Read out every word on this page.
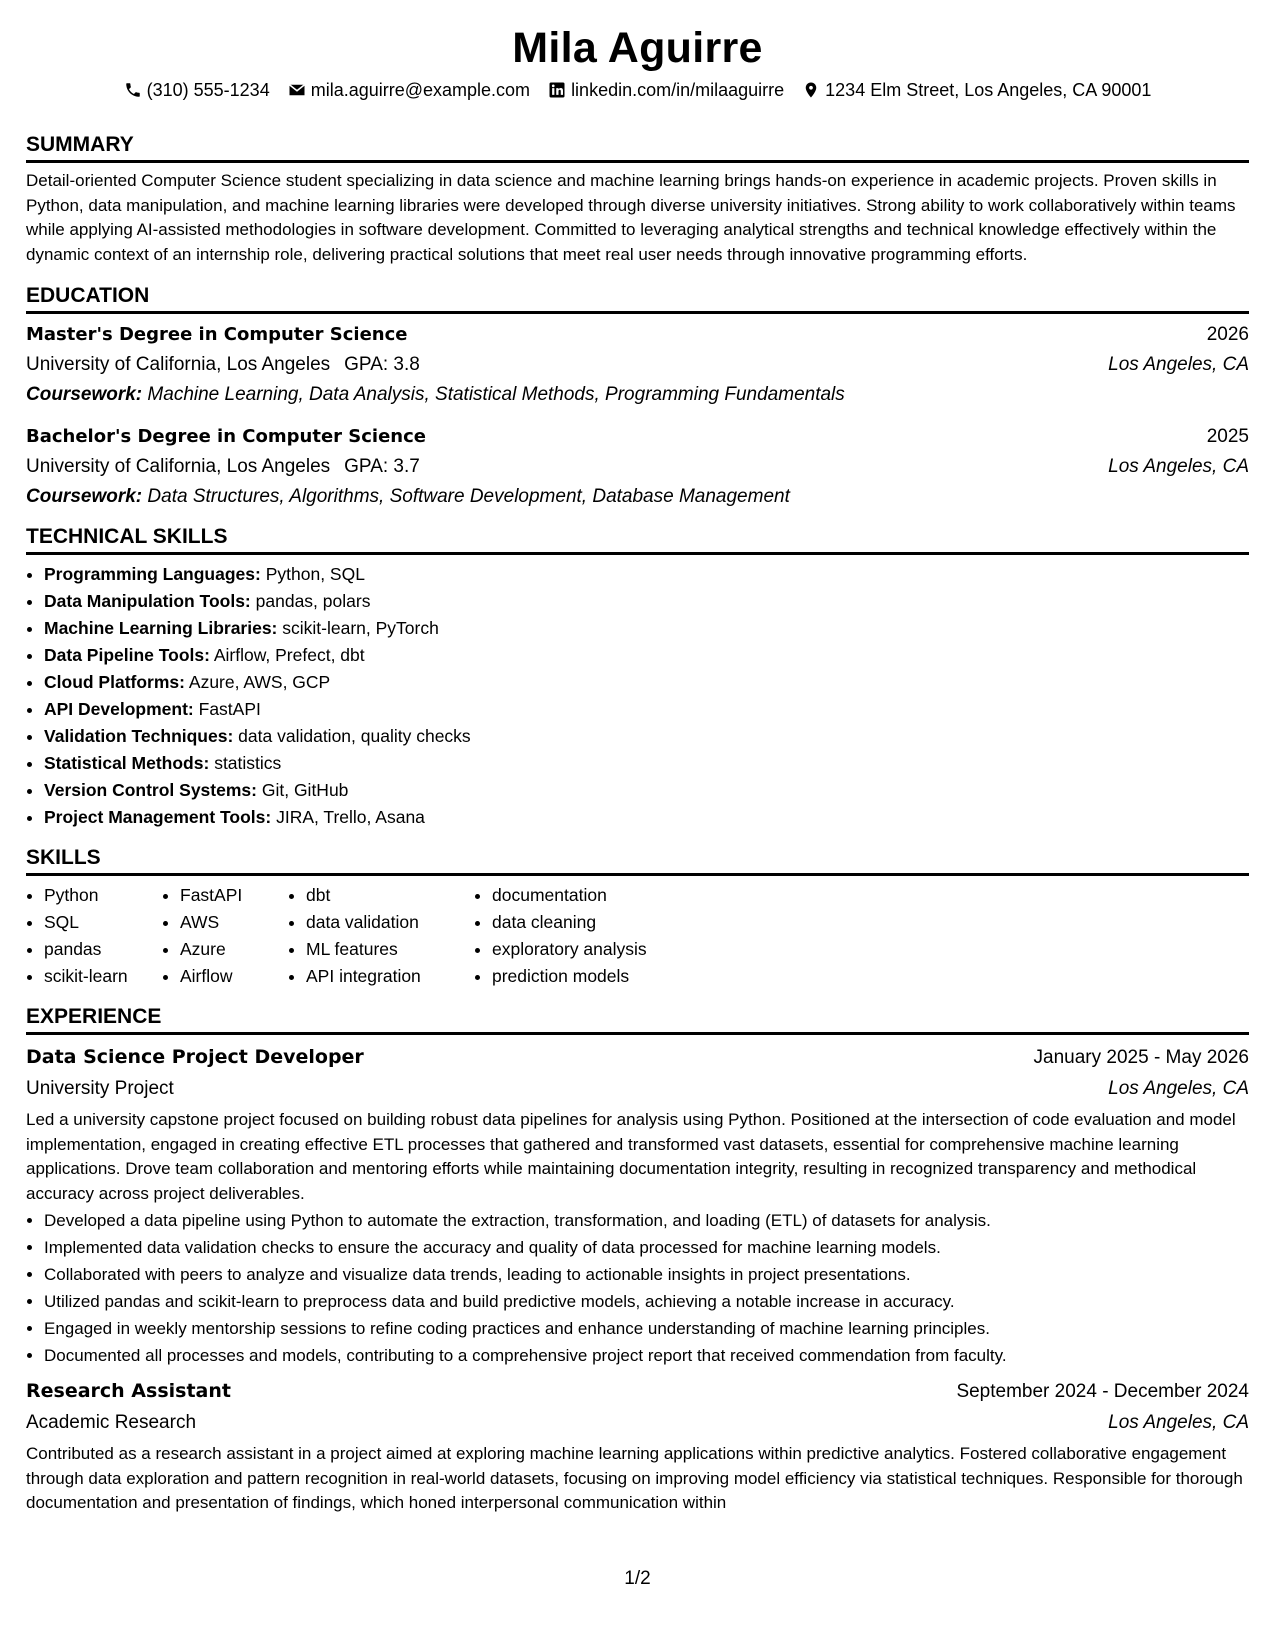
Mila Aguirre
(310) 555-1234 mila.aguirre@example.com linkedin.com/in/milaaguirre 1234 Elm Street, Los Angeles, CA 90001
SUMMARY

Detail-oriented Computer Science student specializing in data science and machine learning brings hands-on experience in academic projects. Proven skills in Python, data manipulation, and machine learning libraries were developed through diverse university initiatives. Strong ability to work collaboratively within teams while applying AI-assisted methodologies in software development. Committed to leveraging analytical strengths and technical knowledge effectively within the dynamic context of an internship role, delivering practical solutions that meet real user needs through innovative programming efforts.

EDUCATION
Master's Degree in Computer Science	2026
University of California, Los Angeles GPA: 3.8	Los Angeles, CA
Coursework: Machine Learning, Data Analysis, Statistical Methods, Programming Fundamentals
Bachelor's Degree in Computer Science	2025
University of California, Los Angeles GPA: 3.7	Los Angeles, CA
Coursework: Data Structures, Algorithms, Software Development, Database Management
TECHNICAL SKILLS
• Programming Languages: Python, SQL
• Data Manipulation Tools: pandas, polars
• Machine Learning Libraries: scikit-learn, PyTorch
• Data Pipeline Tools: Airflow, Prefect, dbt
• Cloud Platforms: Azure, AWS, GCP
• API Development: FastAPI
• Validation Techniques: data validation, quality checks
• Statistical Methods: statistics
• Version Control Systems: Git, GitHub
• Project Management Tools: JIRA, Trello, Asana
SKILLS
• Python
• SQL
• pandas
• scikit-learn
• FastAPI
• AWS
• Azure
• Airflow
• dbt
• data validation
• ML features
• API integration
• documentation
• data cleaning
• exploratory analysis
• prediction models
EXPERIENCE
Data Science Project Developer	January 2025 - May 2026
University Project	Los Angeles, CA

Led a university capstone project focused on building robust data pipelines for analysis using Python. Positioned at the intersection of code evaluation and model implementation, engaged in creating effective ETL processes that gathered and transformed vast datasets, essential for comprehensive machine learning applications. Drove team collaboration and mentoring efforts while maintaining documentation integrity, resulting in recognized transparency and methodical accuracy across project deliverables.

• Developed a data pipeline using Python to automate the extraction, transformation, and loading (ETL) of datasets for analysis.
• Implemented data validation checks to ensure the accuracy and quality of data processed for machine learning models.
• Collaborated with peers to analyze and visualize data trends, leading to actionable insights in project presentations.
• Utilized pandas and scikit-learn to preprocess data and build predictive models, achieving a notable increase in accuracy.
• Engaged in weekly mentorship sessions to refine coding practices and enhance understanding of machine learning principles.
• Documented all processes and models, contributing to a comprehensive project report that received commendation from faculty.
Research Assistant	September 2024 - December 2024
Academic Research	Los Angeles, CA

Contributed as a research assistant in a project aimed at exploring machine learning applications within predictive analytics. Fostered collaborative engagement through data exploration and pattern recognition in real-world datasets, focusing on improving model efficiency via statistical techniques. Responsible for thorough documentation and presentation of findings, which honed interpersonal communication within

1/2
